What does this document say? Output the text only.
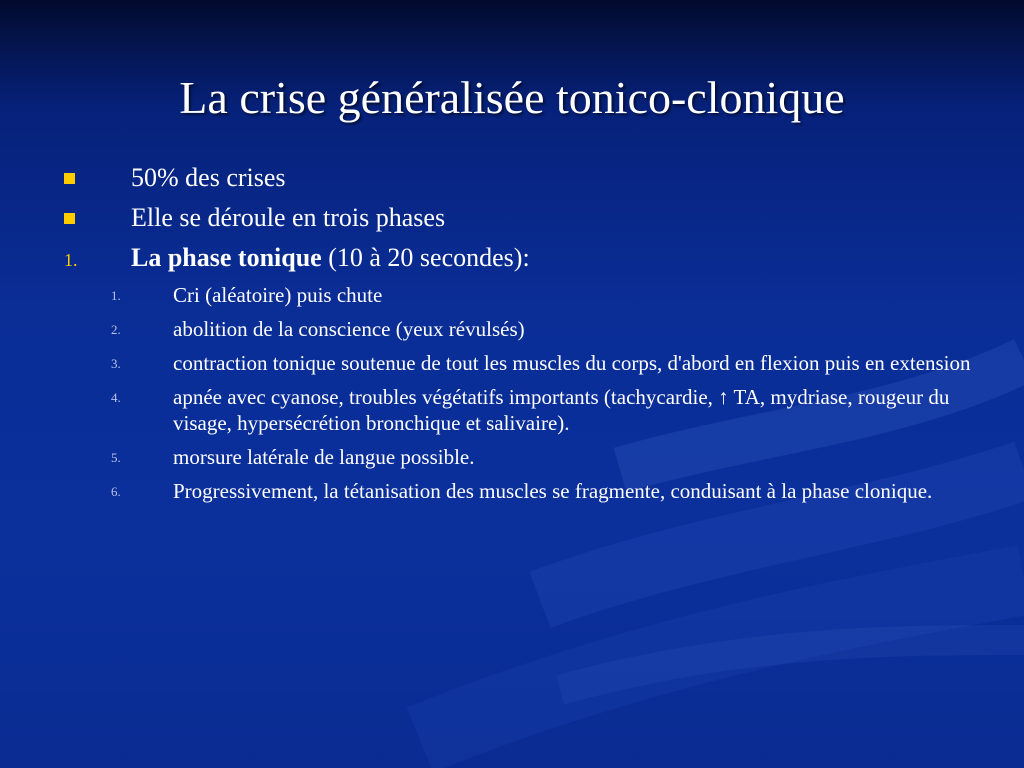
La crise généralisée tonico-clonique
50% des crises
Elle se déroule en trois phases
1.	La phase tonique (10 à 20 secondes):
1. Cri (aléatoire) puis chute
2. abolition de la conscience (yeux révulsés)
3. contraction tonique soutenue de tout les muscles du corps, d'abord en flexion puis en extension
4. apnée avec cyanose, troubles végétatifs importants (tachycardie, ↑ TA, mydriase, rougeur du visage, hypersécrétion bronchique et salivaire).
5. morsure latérale de langue possible.
6. Progressivement, la tétanisation des muscles se fragmente, conduisant à la phase clonique.
